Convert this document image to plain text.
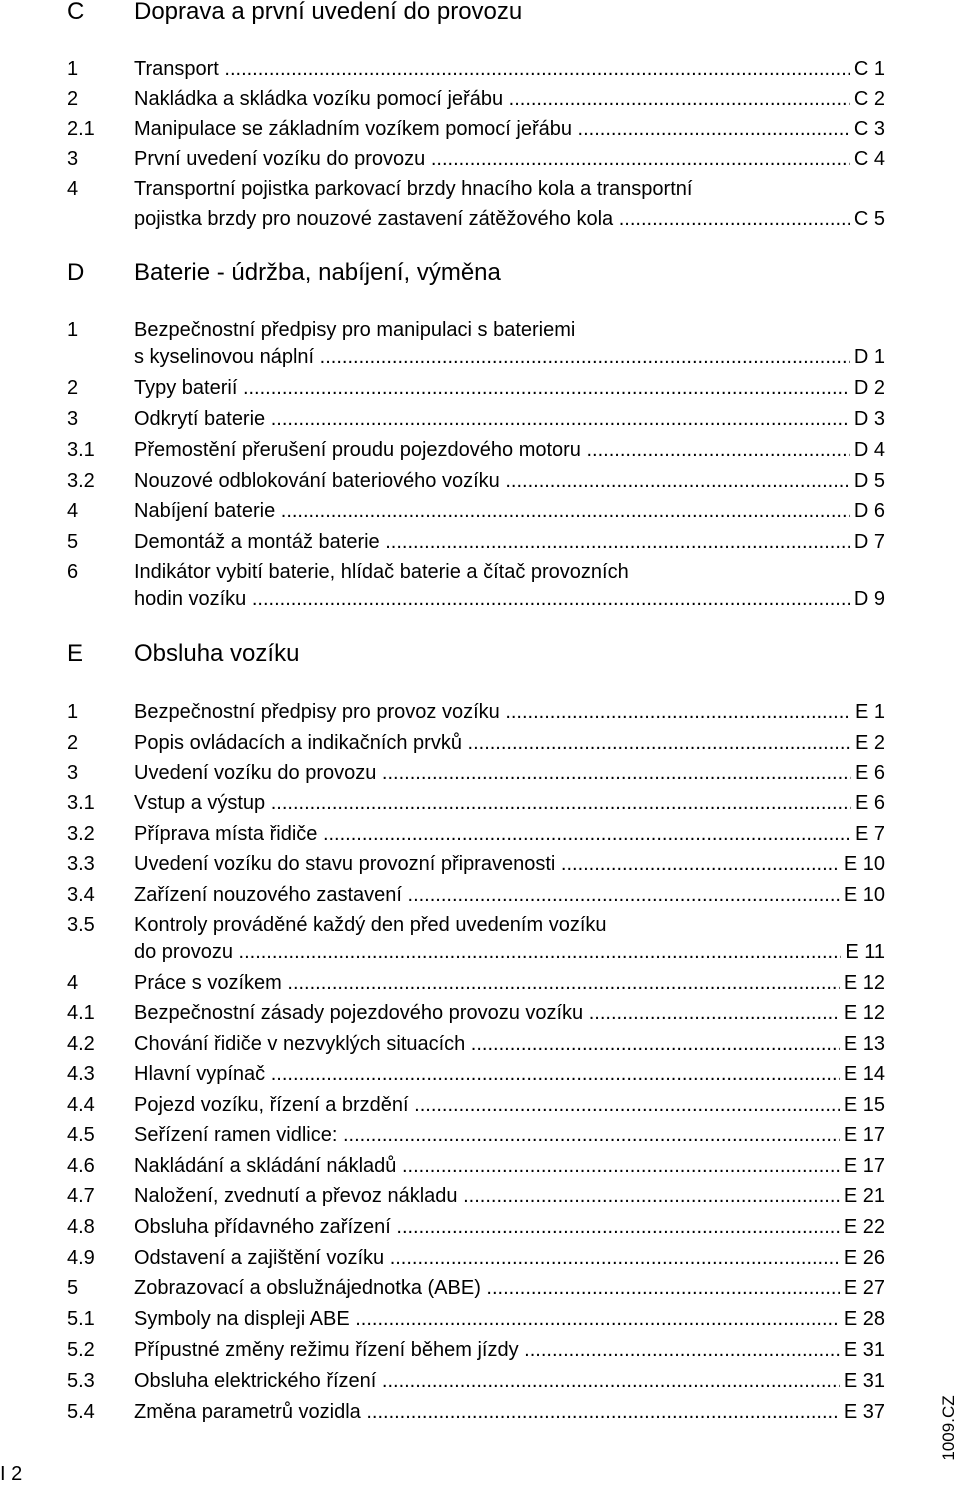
C Doprava a první uvedení do provozu
1	Transport .....	C 1
2	Nakládka a skládka vozíku pomocí jeřábu .....	C 2
2.1 Manipulace se základním vozíkem pomocí jeřábu .....	C 3
3	První uvedení vozíku do provozu .....	C 4
4	Transportní pojistka parkovací brzdy hnacího kola a transportní
pojistka brzdy pro nouzové zastavení zátěžového kola .....	C 5
D Baterie - údržba, nabíjení, výměna
1	Bezpečnostní předpisy pro manipulaci s bateriemi
s kyselinovou náplní .....	D 1
2	Typy baterií .....	D 2
3	Odkrytí baterie .....	D 3
3.1 Přemostění přerušení proudu pojezdového motoru .....	D 4
3.2 Nouzové odblokování bateriového vozíku .....	D 5
4	Nabíjení baterie .....	D 6
5	Demontáž a montáž baterie .....	D 7
6	Indikátor vybití baterie, hlídač baterie a čítač provozních
hodin vozíku .....	D 9
E Obsluha vozíku
1	Bezpečnostní předpisy pro provoz vozíku .....	E 1
2	Popis ovládacích a indikačních prvků .....	E 2
3	Uvedení vozíku do provozu .....	E 6
3.1 Vstup a výstup .....	E 6
3.2 Příprava místa řidiče .....	E 7
3.3 Uvedení vozíku do stavu provozní připravenosti .....	E 10
3.4 Zařízení nouzového zastavení .....	E 10
3.5 Kontroly prováděné každý den před uvedením vozíku
do provozu .....	E 11
4	Práce s vozíkem .....	E 12
4.1 Bezpečnostní zásady pojezdového provozu vozíku .....	E 12
4.2 Chování řidiče v nezvyklých situacích .....	E 13
4.3 Hlavní vypínač .....	E 14
4.4 Pojezd vozíku, řízení a brzdění .....	E 15
4.5 Seřízení ramen vidlice: .....	E 17
4.6 Nakládání a skládání nákladů .....	E 17
4.7 Naložení, zvednutí a převoz nákladu .....	E 21
4.8 Obsluha přídavného zařízení .....	E 22
4.9 Odstavení a zajištění vozíku .....	E 26
5	Zobrazovací a obslužnájednotka (ABE) .....	E 27
5.1 Symboly na displeji ABE .....	E 28
5.2 Přípustné změny režimu řízení během jízdy .....	E 31
5.3 Obsluha elektrického řízení .....	E 31
5.4 Změna parametrů vozidla .....	E 37	1009.CZ
I 2
